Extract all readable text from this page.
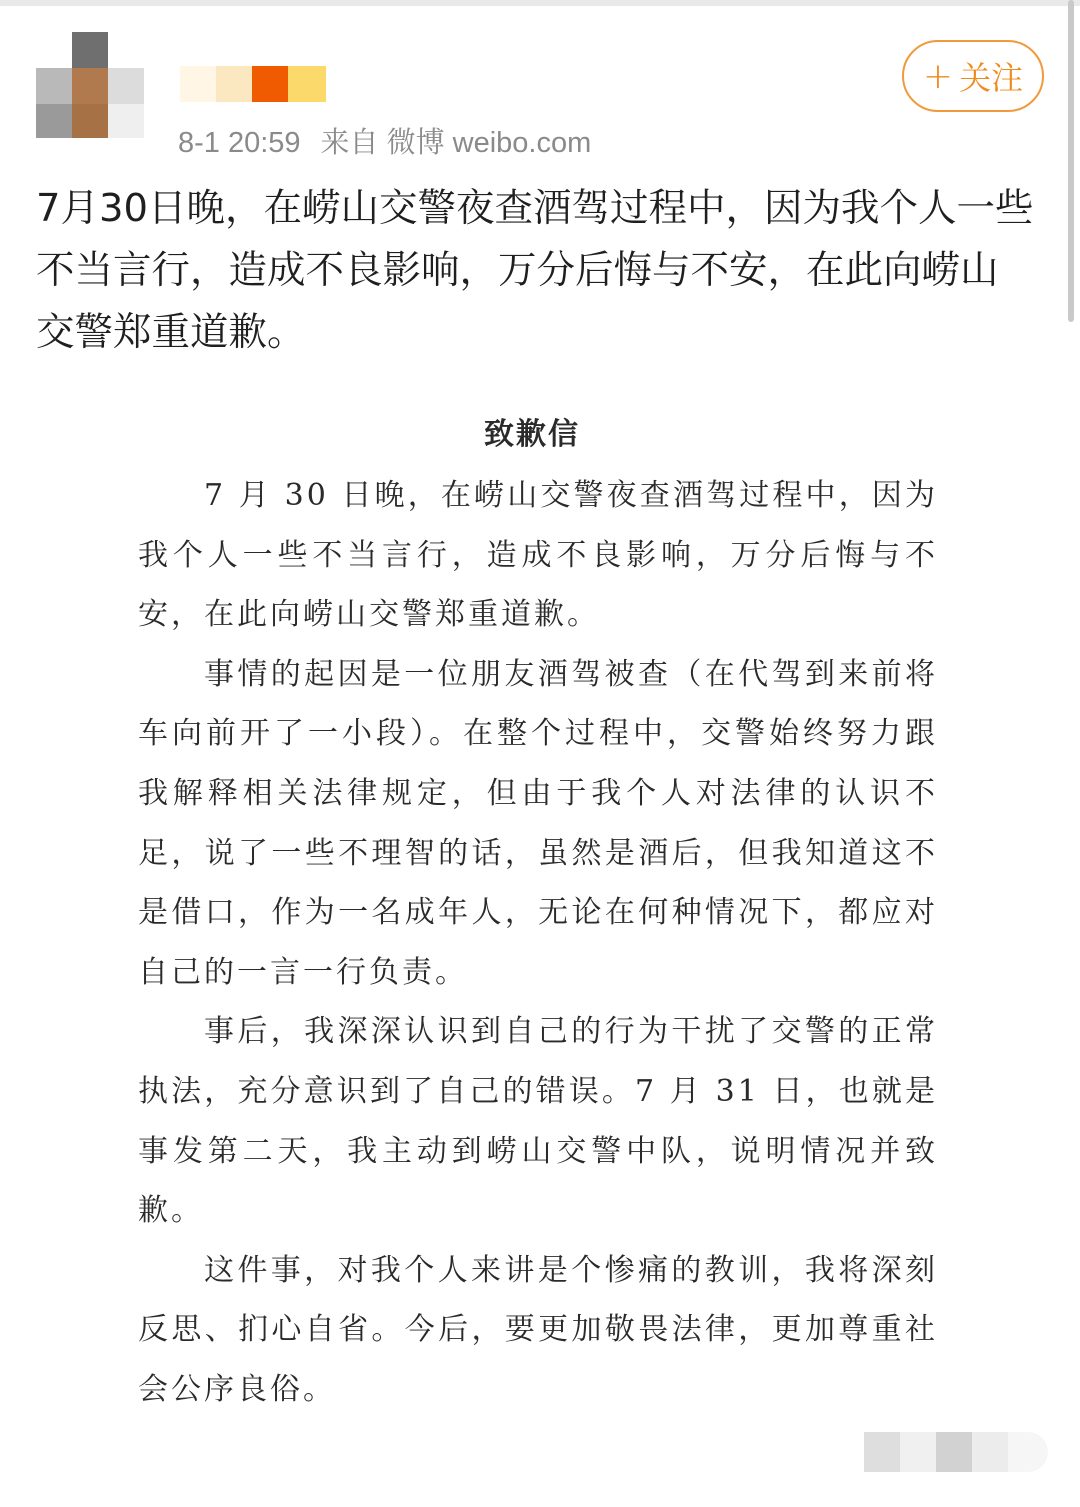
8-1 20:59 来自 微博 weibo.com
+ 关注
7月30日晚，在崂山交警夜查酒驾过程中，因为我个人一些不当言行，造成不良影响，万分后悔与不安，在此向崂山交警郑重道歉。
致歉信

7 月 30 日晚，在崂山交警夜查酒驾过程中，因为我个人一些不当言行，造成不良影响，万分后悔与不安，在此向崂山交警郑重道歉。

事情的起因是一位朋友酒驾被查（在代驾到来前将车向前开了一小段）。在整个过程中，交警始终努力跟我解释相关法律规定，但由于我个人对法律的认识不足，说了一些不理智的话，虽然是酒后，但我知道这不是借口，作为一名成年人，无论在何种情况下，都应对自己的一言一行负责。

事后，我深深认识到自己的行为干扰了交警的正常执法，充分意识到了自己的错误。7 月 31 日，也就是事发第二天，我主动到崂山交警中队，说明情况并致歉。

这件事，对我个人来讲是个惨痛的教训，我将深刻反思、扪心自省。今后，要更加敬畏法律，更加尊重社会公序良俗。
